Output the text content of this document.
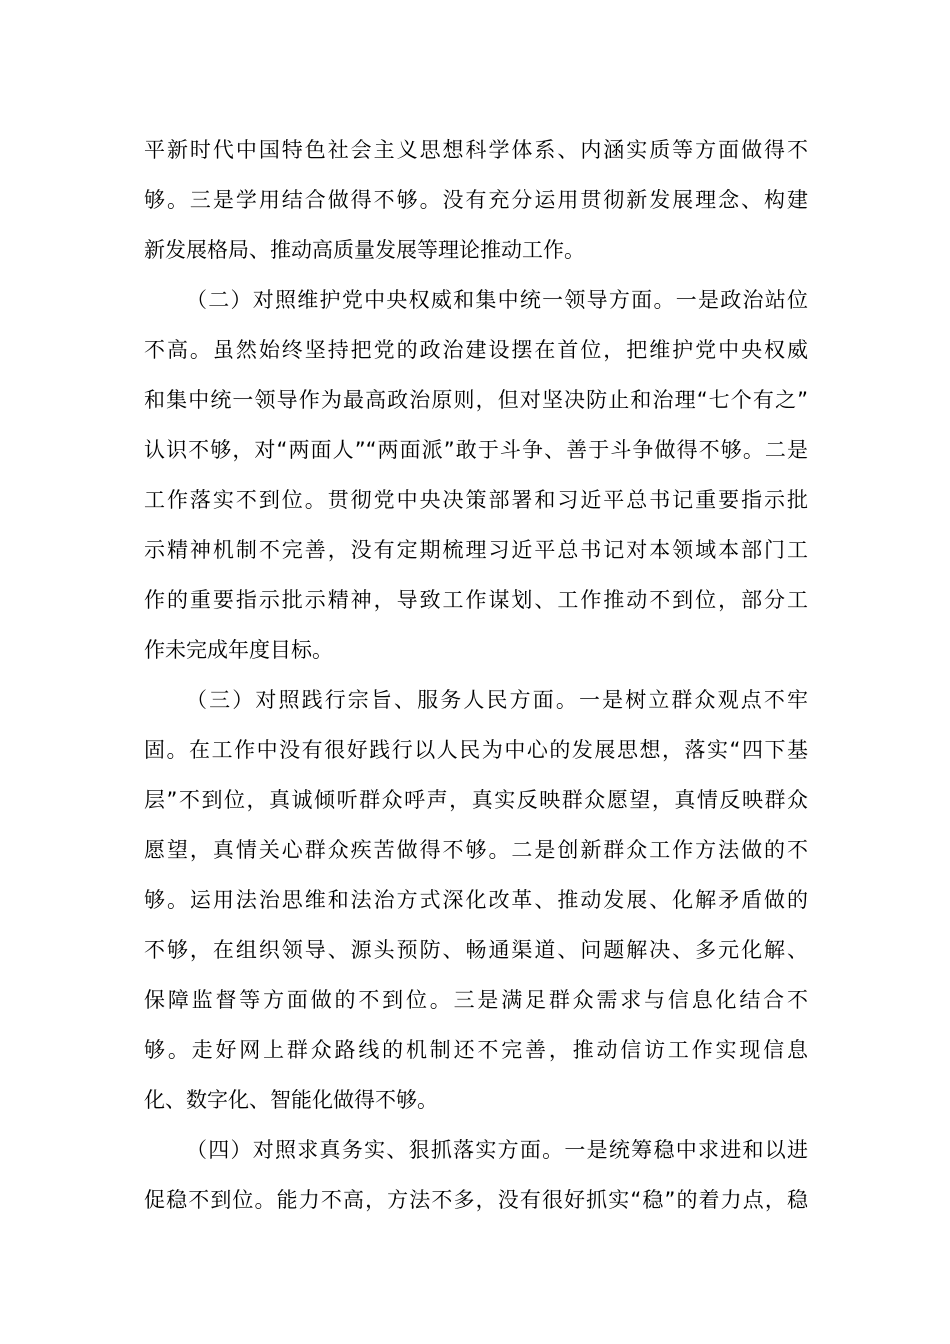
平新时代中国特色社会主义思想科学体系、内涵实质等方面做得不
够。三是学用结合做得不够。没有充分运用贯彻新发展理念、构建
新发展格局、推动高质量发展等理论推动工作。
（二）对照维护党中央权威和集中统一领导方面。一是政治站位
不高。虽然始终坚持把党的政治建设摆在首位，把维护党中央权威
和集中统一领导作为最高政治原则，但对坚决防止和治理“七个有之”
认识不够，对“两面人”“两面派”敢于斗争、善于斗争做得不够。二是
工作落实不到位。贯彻党中央决策部署和习近平总书记重要指示批
示精神机制不完善，没有定期梳理习近平总书记对本领域本部门工
作的重要指示批示精神，导致工作谋划、工作推动不到位，部分工
作未完成年度目标。
（三）对照践行宗旨、服务人民方面。一是树立群众观点不牢
固。在工作中没有很好践行以人民为中心的发展思想，落实“四下基
层”不到位，真诚倾听群众呼声，真实反映群众愿望，真情反映群众
愿望，真情关心群众疾苦做得不够。二是创新群众工作方法做的不
够。运用法治思维和法治方式深化改革、推动发展、化解矛盾做的
不够，在组织领导、源头预防、畅通渠道、问题解决、多元化解、
保障监督等方面做的不到位。三是满足群众需求与信息化结合不
够。走好网上群众路线的机制还不完善，推动信访工作实现信息
化、数字化、智能化做得不够。
（四）对照求真务实、狠抓落实方面。一是统筹稳中求进和以进
促稳不到位。能力不高，方法不多，没有很好抓实“稳”的着力点，稳
